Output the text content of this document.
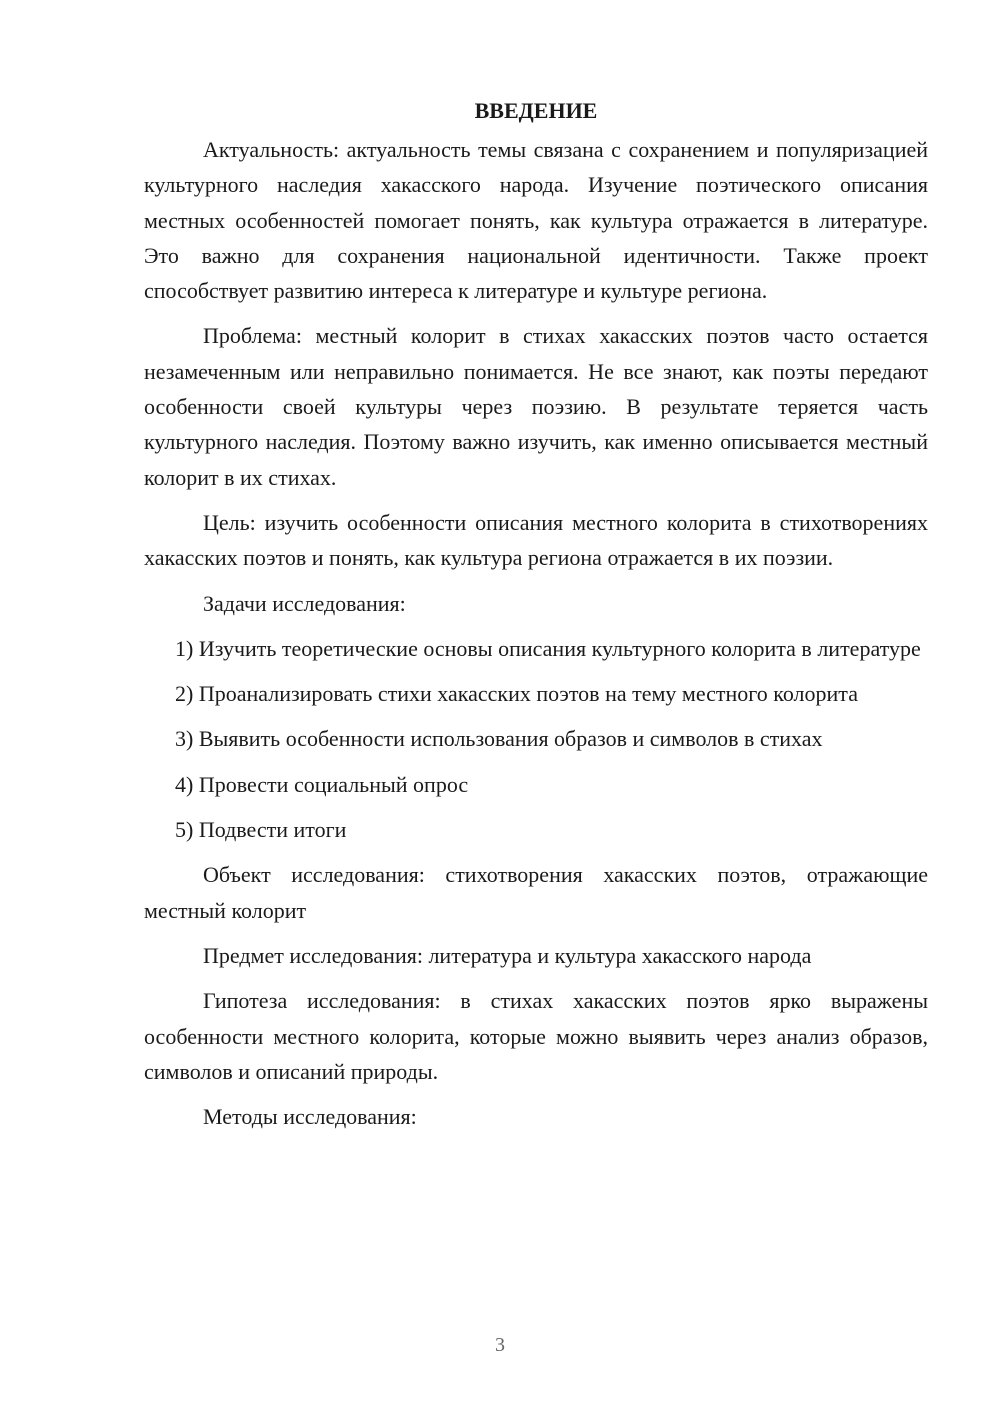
ВВЕДЕНИЕ

Актуальность: актуальность темы связана с сохранением и популяризацией культурного наследия хакасского народа. Изучение поэтического описания местных особенностей помогает понять, как культура отражается в литературе. Это важно для сохранения национальной идентичности. Также проект способствует развитию интереса к литературе и культуре региона.

Проблема: местный колорит в стихах хакасских поэтов часто остается незамеченным или неправильно понимается. Не все знают, как поэты передают особенности своей культуры через поэзию. В результате теряется часть культурного наследия. Поэтому важно изучить, как именно описывается местный колорит в их стихах.

Цель: изучить особенности описания местного колорита в стихотворениях хакасских поэтов и понять, как культура региона отражается в их поэзии.

Задачи исследования:

1) Изучить теоретические основы описания культурного колорита в литературе

2) Проанализировать стихи хакасских поэтов на тему местного колорита

3) Выявить особенности использования образов и символов в стихах

4) Провести социальный опрос

5) Подвести итоги

Объект исследования: стихотворения хакасских поэтов, отражающие местный колорит

Предмет исследования: литература и культура хакасского народа

Гипотеза исследования: в стихах хакасских поэтов ярко выражены особенности местного колорита, которые можно выявить через анализ образов, символов и описаний природы.

Методы исследования:

3
